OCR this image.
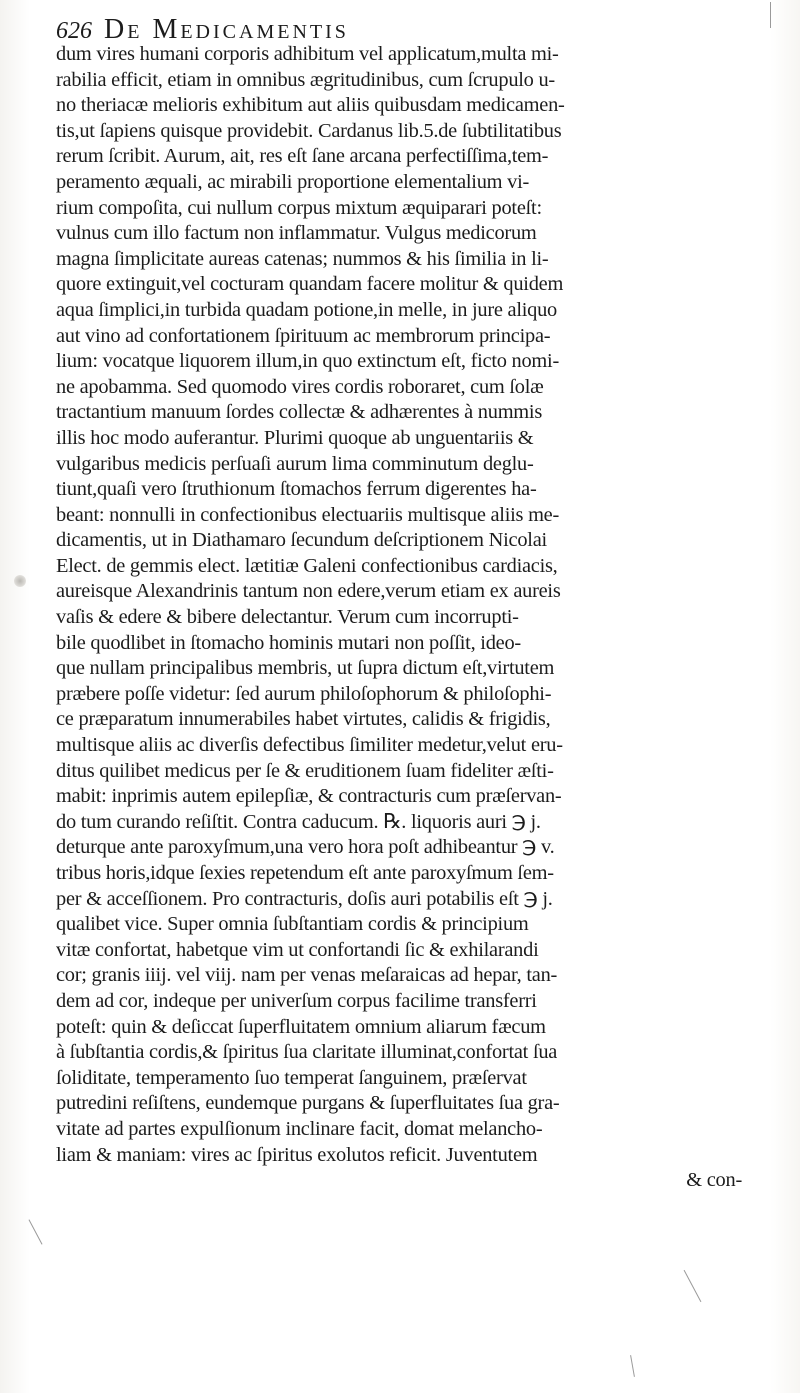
626 De Medicamentis
dum vires humani corporis adhibitum vel applicatum,multa mi-
rabilia efficit, etiam in omnibus ægritudinibus, cum ſcrupulo u-
no theriacæ melioris exhibitum aut aliis quibusdam medicamen-
tis,ut ſapiens quisque providebit. Cardanus lib.5.de ſubtilitatibus
rerum ſcribit. Aurum, ait, res eſt ſane arcana perfectiſſima,tem-
peramento æquali, ac mirabili proportione elementalium vi-
rium compoſita, cui nullum corpus mixtum æquiparari poteſt:
vulnus cum illo factum non inflammatur. Vulgus medicorum
magna ſimplicitate aureas catenas; nummos & his ſimilia in li-
quore extinguit,vel cocturam quandam facere molitur & quidem
aqua ſimplici,in turbida quadam potione,in melle, in jure aliquo
aut vino ad confortationem ſpirituum ac membrorum principa-
lium: vocatque liquorem illum,in quo extinctum eſt, ficto nomi-
ne apobamma. Sed quomodo vires cordis roboraret, cum ſolæ
tractantium manuum ſordes collectæ & adhærentes à nummis
illis hoc modo auferantur. Plurimi quoque ab unguentariis &
vulgaribus medicis perſuaſi aurum lima comminutum deglu-
tiunt,quaſi vero ſtruthionum ſtomachos ferrum digerentes ha-
beant: nonnulli in confectionibus electuariis multisque aliis me-
dicamentis, ut in Diathamaro ſecundum deſcriptionem Nicolai
Elect. de gemmis elect. lætitiæ Galeni confectionibus cardiacis,
aureisque Alexandrinis tantum non edere,verum etiam ex aureis
vaſis & edere & bibere delectantur. Verum cum incorrupti-
bile quodlibet in ſtomacho hominis mutari non poſſit, ideo-
que nullam principalibus membris, ut ſupra dictum eſt,virtutem
præbere poſſe videtur: ſed aurum philoſophorum & philoſophi-
ce præparatum innumerabiles habet virtutes, calidis & frigidis,
multisque aliis ac diverſis defectibus ſimiliter medetur,velut eru-
ditus quilibet medicus per ſe & eruditionem ſuam fideliter æſti-
mabit: inprimis autem epilepſiæ, & contracturis cum præſervan-
do tum curando reſiſtit. Contra caducum. ℞. liquoris auri ℈ j.
deturque ante paroxyſmum,una vero hora poſt adhibeantur ℈ v.
tribus horis,idque ſexies repetendum eſt ante paroxyſmum ſem-
per & acceſſionem. Pro contracturis, doſis auri potabilis eſt ℈ j.
qualibet vice. Super omnia ſubſtantiam cordis & principium
vitæ confortat, habetque vim ut confortandi ſic & exhilarandi
cor; granis iiij. vel viij. nam per venas meſaraicas ad hepar, tan-
dem ad cor, indeque per univerſum corpus facilime transferri
poteſt: quin & deſiccat ſuperfluitatem omnium aliarum fæcum
à ſubſtantia cordis,& ſpiritus ſua claritate illuminat,confortat ſua
ſoliditate, temperamento ſuo temperat ſanguinem, præſervat
putredini reſiſtens, eundemque purgans & ſuperfluitates ſua gra-
vitate ad partes expulſionum inclinare facit, domat melancho-
liam & maniam: vires ac ſpiritus exolutos reficit. Juventutem
& con-
